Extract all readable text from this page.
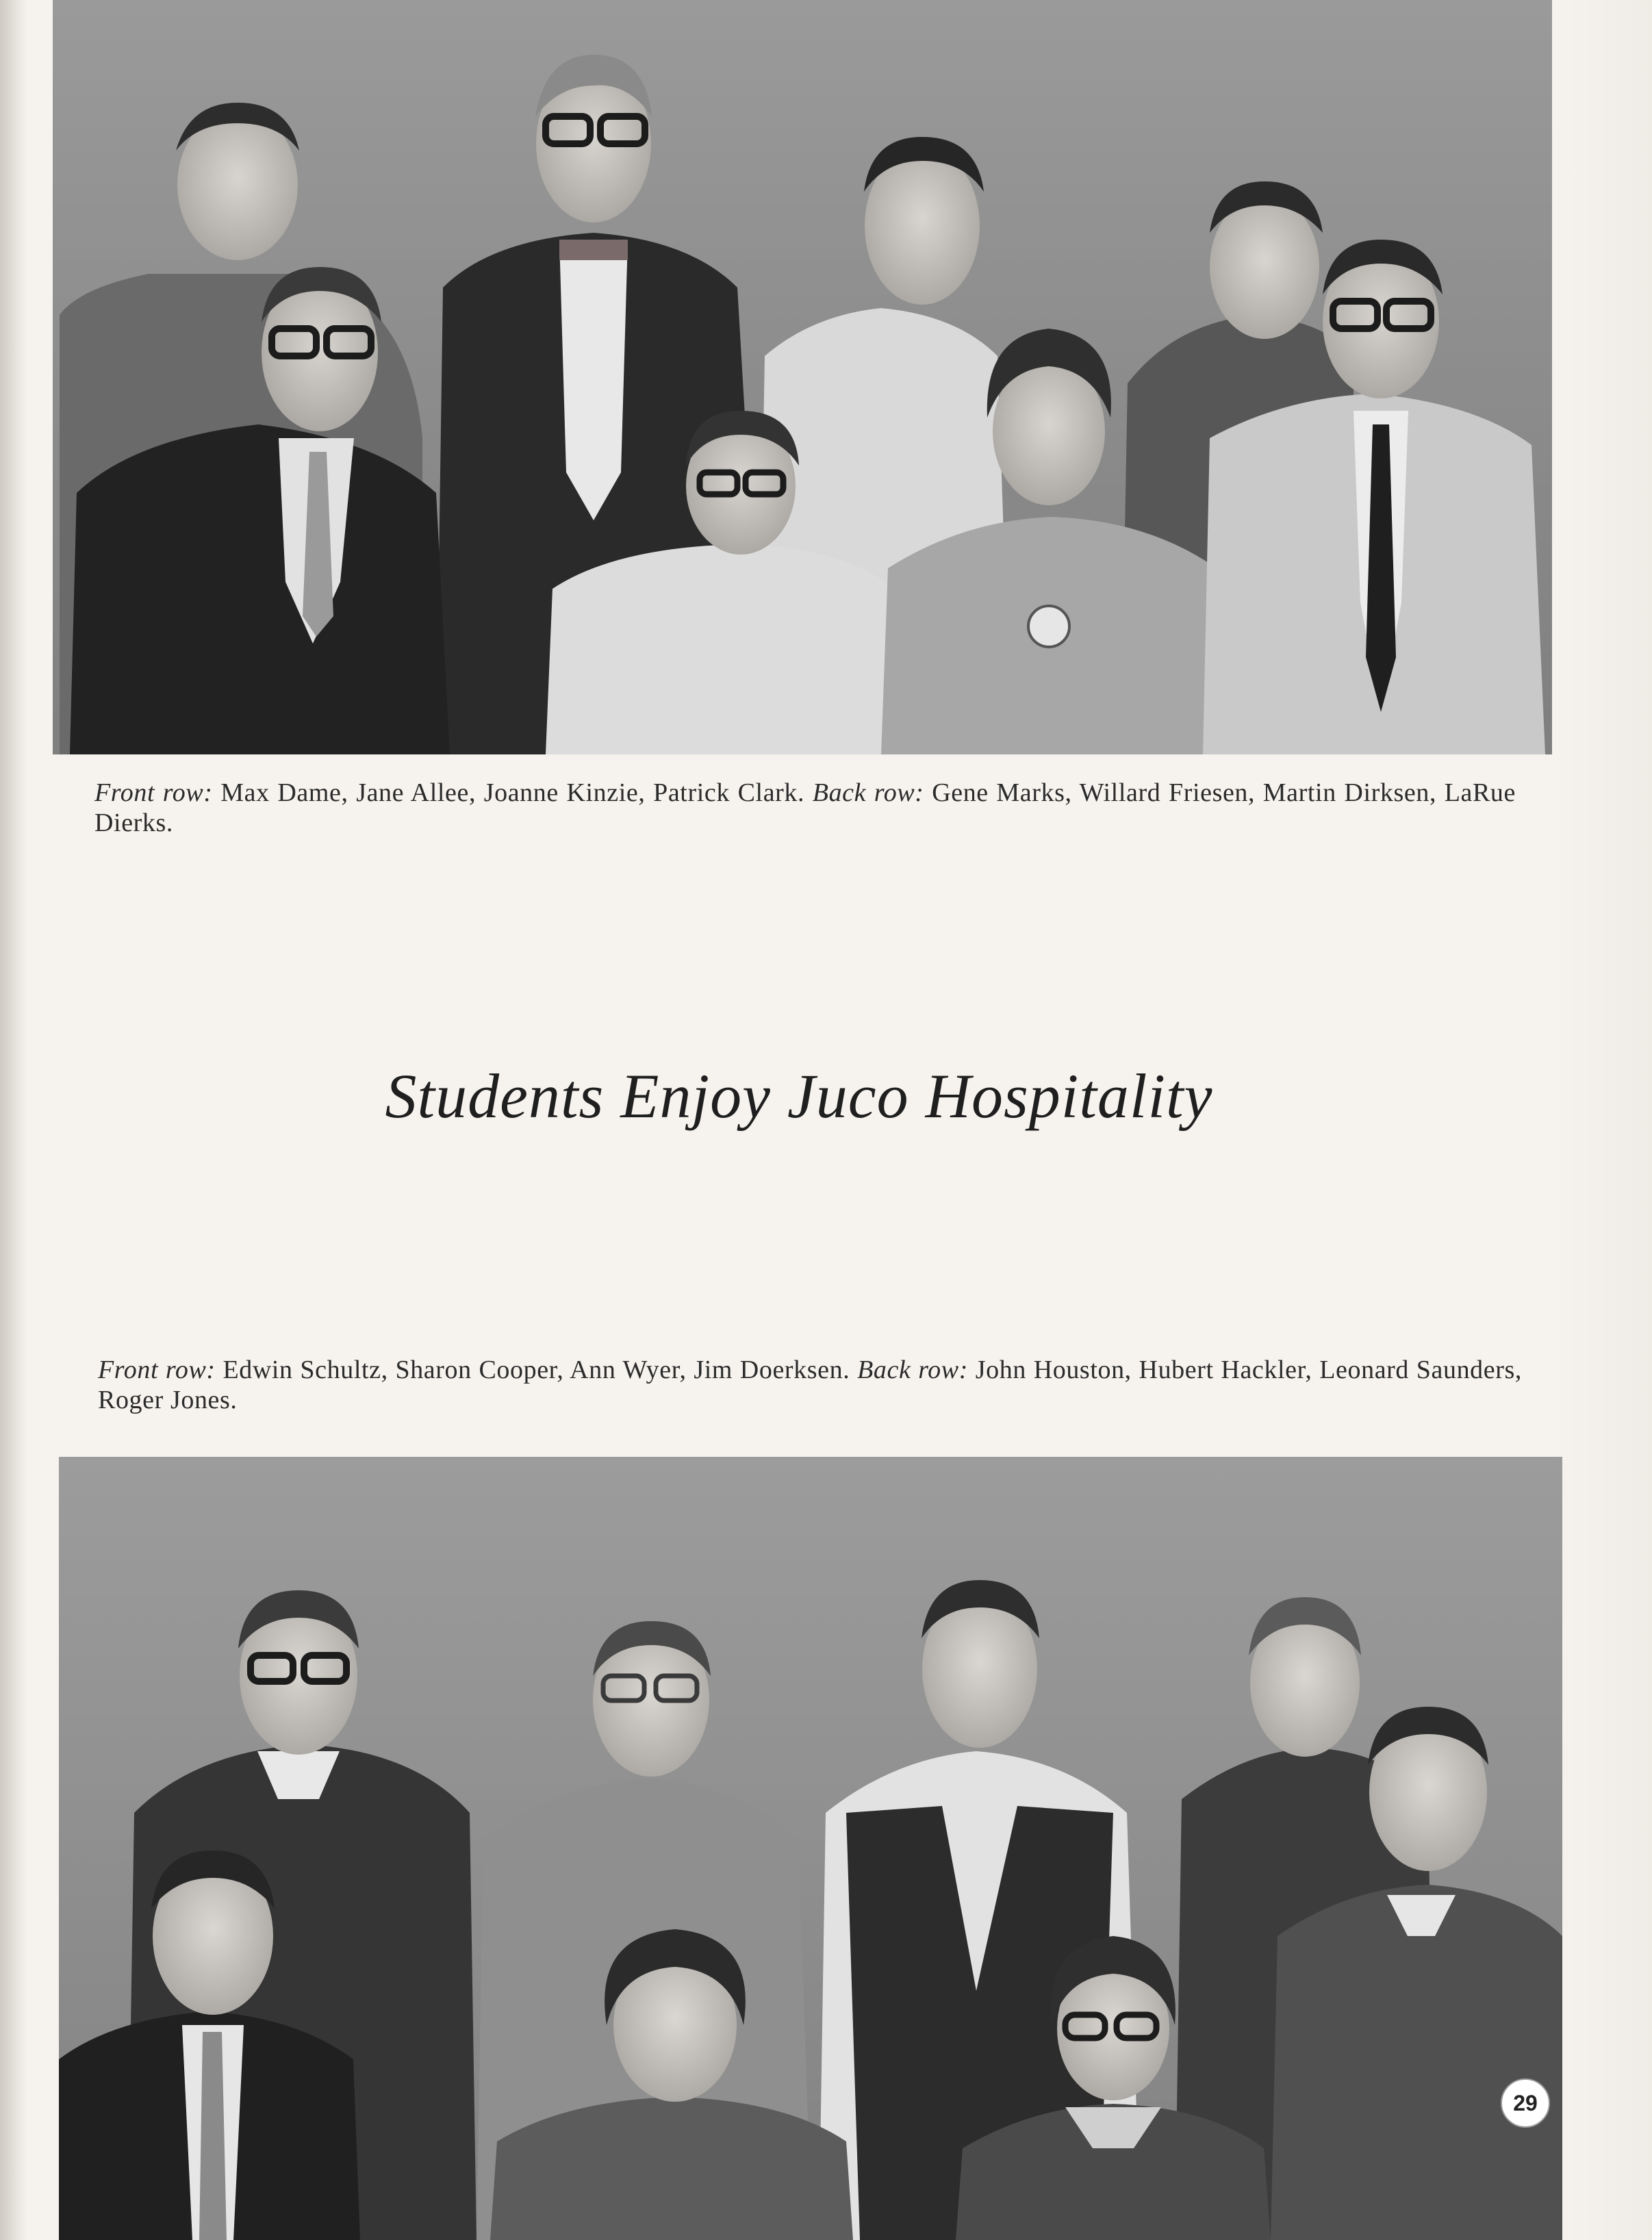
Front row: Max Dame, Jane Allee, Joanne Kinzie, Patrick Clark. Back row: Gene Marks, Willard Friesen, Martin Dirksen, LaRue Dierks.
Students Enjoy Juco Hospitality
Front row: Edwin Schultz, Sharon Cooper, Ann Wyer, Jim Doerksen. Back row: John Houston, Hubert Hackler, Leonard Saunders, Roger Jones.
29
